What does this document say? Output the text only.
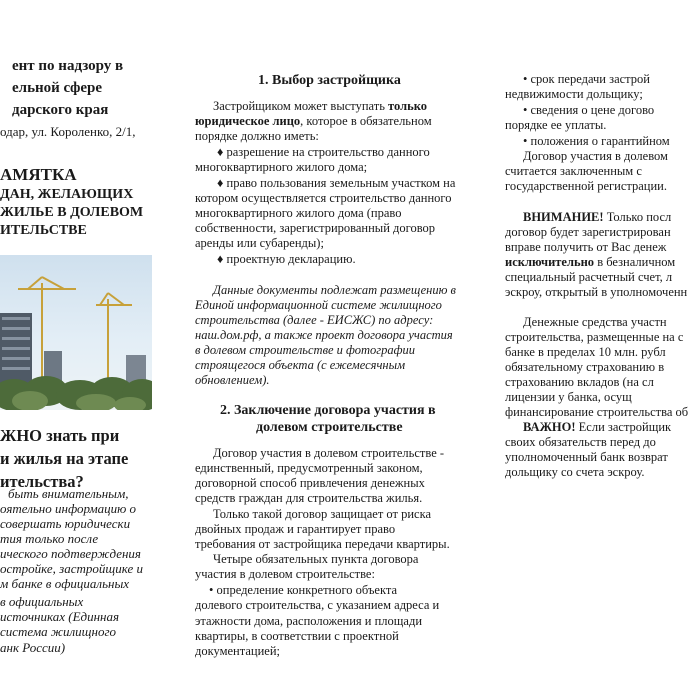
ент по надзору в

ельной сфере

дарского края

одар, ул. Короленко, 2/1,

АМЯТКА

ДАН, ЖЕЛАЮЩИХ

ЖИЛЬЕ В ДОЛЕВОМ

ИТЕЛЬСТВЕ

ЖНО знать при

и жилья на этапе

ительства?

быть внимательным,

оятельно информацию о

совершать юридически

тия только после

ического подтверждения

остройке, застройщике и

м банке в официальных

в официальных

источниках (Единная

система жилищного

анк России)

1. Выбор застройщика

Застройщиком может выступать только

юридическое лицо, которое в обязательном

порядке должно иметь:

♦ разрешение на строительство данного

многоквартирного жилого дома;

♦ право пользования земельным участком на

котором осуществляется строительство данного

многоквартирного жилого дома (право

собственности, зарегистрированный договор

аренды или субаренды);

♦ проектную декларацию.

Данные документы подлежат размещению в

Единой информационной системе жилищного

строительства (далее - ЕИСЖС) по адресу:

наш.дом.рф, а также проект договора участия

в долевом строительстве и фотографии

строящегося объекта (с ежемесячным

обновлением).

2. Заключение договора участия в

долевом строительстве

Договор участия в долевом строительстве -

единственный, предусмотренный законом,

договорной способ привлечения денежных

средств граждан для строительства жилья.

Только такой договор защищает от риска

двойных продаж и гарантирует право

требования от застройщика передачи квартиры.

Четыре обязательных пункта договора

участия в долевом строительстве:

• определение конкретного объекта

долевого строительства, с указанием адреса и

этажности дома, расположения и площади

квартиры, в соответствии с проектной

документацией;

• срок передачи застрой

недвижимости дольщику;

• сведения о цене догово

порядке ее уплаты.

• положения о гарантийном

Договор участия в долевом

считается заключенным с

государственной регистрации.

ВНИМАНИЕ! Только посл

договор будет зарегистрирован

вправе получить от Вас денеж

исключительно в безналичном

специальный расчетный счет, л

эскроу, открытый в уполномоченн

Денежные средства участн

строительства, размещенные на с

банке в пределах 10 млн. рубл

обязательному страхованию в

страхованию вкладов (на сл

лицензии у банка, осущ

финансирование строительства об

ВАЖНО! Если застройщик

своих обязательств перед до

уполномоченный банк возврат

дольщику со счета эскроу.
